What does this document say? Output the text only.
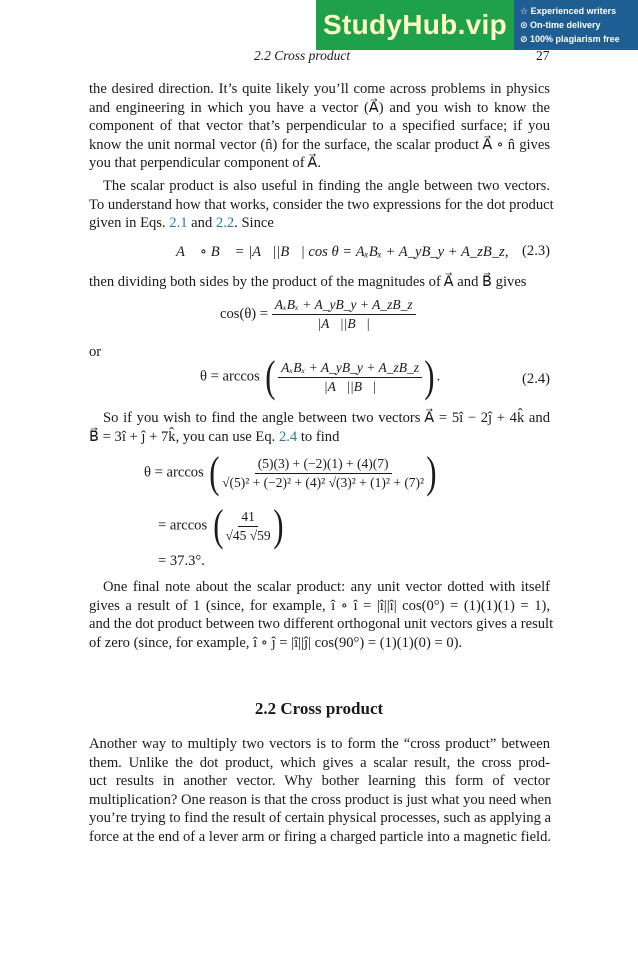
StudyHub.vip	☆ Experienced writers
⊙ On-time delivery
⊘ 100% plagiarism free
2.2 Cross product	27
the desired direction. It’s quite likely you’ll come across problems in physics
and engineering in which you have a vector (A⃗) and you wish to know the
component of that vector that’s perpendicular to a specified surface; if you
know the unit normal vector (n̂) for the surface, the scalar product A⃗ ∘ n̂ gives
you that perpendicular component of A⃗.
The scalar product is also useful in finding the angle between two vectors.
To understand how that works, consider the two expressions for the dot product
given in Eqs. 2.1 and 2.2. Since
A⃗ ∘ B⃗ = |A⃗||B⃗| cos θ = AₓBₓ + A_yB_y + A_zB_z, (2.3)
then dividing both sides by the product of the magnitudes of A⃗ and B⃗ gives
$\cos(\theta) = \frac{\text{AₓBₓ + A\_yB\_y + A\_zB\_z}}{|A⃗||B⃗|}$
or
θ = arccos ( $\frac{\text{AₓBₓ + A\_yB\_y + A\_zB\_z}}{|A⃗||B⃗|}$ ) .	(2.4)
So if you wish to find the angle between two vectors A⃗ = 5î − 2ĵ + 4k̂ and
B⃗ = 3î + ĵ + 7k̂, you can use Eq. 2.4 to find
θ = arccos ( $\frac{(5)(3) + (-2)(1) + (4)(7)}{\text{√(5)² + (−2)² + (4)² √(3)² + (1)² + (7)²}}$ )
= arccos ( $\frac{41}{√45 √59}$ )
= 37.3°.
One final note about the scalar product: any unit vector dotted with itself
gives a result of 1 (since, for example, î ∘ î = |î||î| cos(0°) = (1)(1)(1) = 1),
and the dot product between two different orthogonal unit vectors gives a result
of zero (since, for example, î ∘ ĵ = |î||ĵ| cos(90°) = (1)(1)(0) = 0).
2.2 Cross product
Another way to multiply two vectors is to form the “cross product” between
them. Unlike the dot product, which gives a scalar result, the cross prod-
uct results in another vector. Why bother learning this form of vector
multiplication? One reason is that the cross product is just what you need when
you’re trying to find the result of certain physical processes, such as applying a
force at the end of a lever arm or firing a charged particle into a magnetic field.
